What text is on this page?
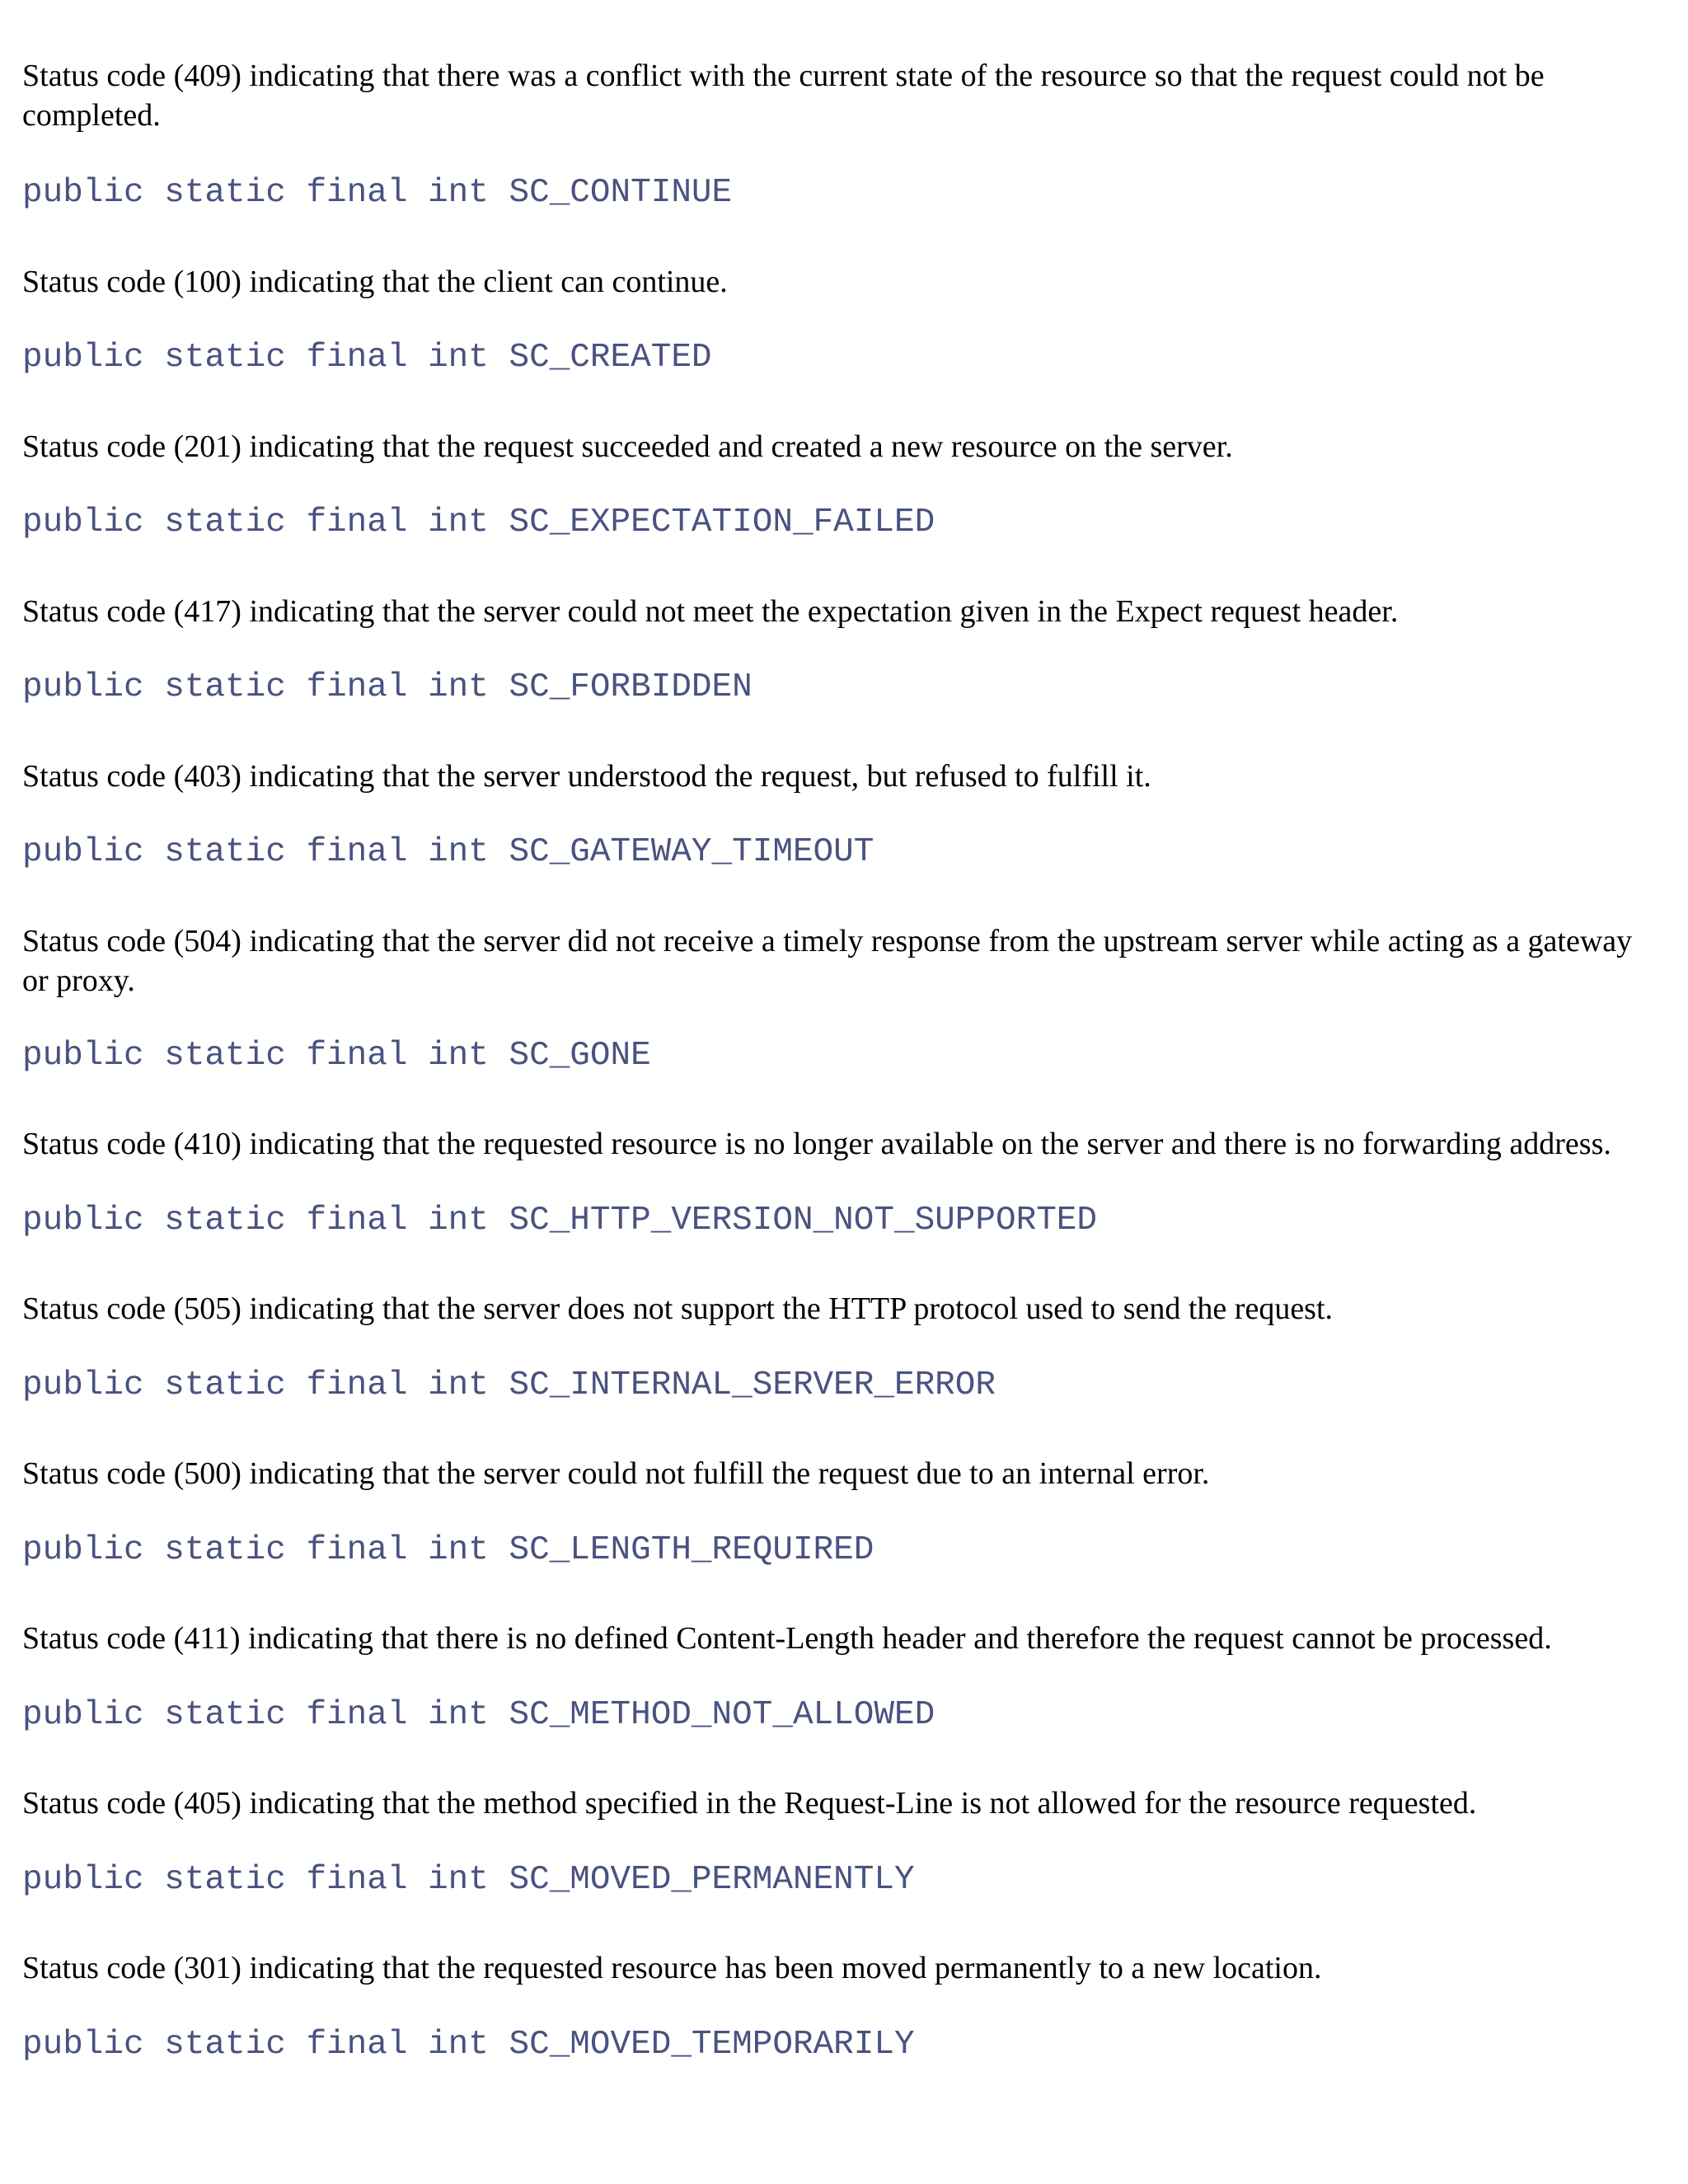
Status code (409) indicating that there was a conflict with the current state of the resource so that the request could not be completed.

public static final int SC_CONTINUE

Status code (100) indicating that the client can continue.

public static final int SC_CREATED

Status code (201) indicating that the request succeeded and created a new resource on the server.

public static final int SC_EXPECTATION_FAILED

Status code (417) indicating that the server could not meet the expectation given in the Expect request header.

public static final int SC_FORBIDDEN

Status code (403) indicating that the server understood the request, but refused to fulfill it.

public static final int SC_GATEWAY_TIMEOUT

Status code (504) indicating that the server did not receive a timely response from the upstream server while acting as a gateway or proxy.

public static final int SC_GONE

Status code (410) indicating that the requested resource is no longer available on the server and there is no forwarding address.

public static final int SC_HTTP_VERSION_NOT_SUPPORTED

Status code (505) indicating that the server does not support the HTTP protocol used to send the request.

public static final int SC_INTERNAL_SERVER_ERROR

Status code (500) indicating that the server could not fulfill the request due to an internal error.

public static final int SC_LENGTH_REQUIRED

Status code (411) indicating that there is no defined Content-Length header and therefore the request cannot be processed.

public static final int SC_METHOD_NOT_ALLOWED

Status code (405) indicating that the method specified in the Request-Line is not allowed for the resource requested.

public static final int SC_MOVED_PERMANENTLY

Status code (301) indicating that the requested resource has been moved permanently to a new location.

public static final int SC_MOVED_TEMPORARILY
